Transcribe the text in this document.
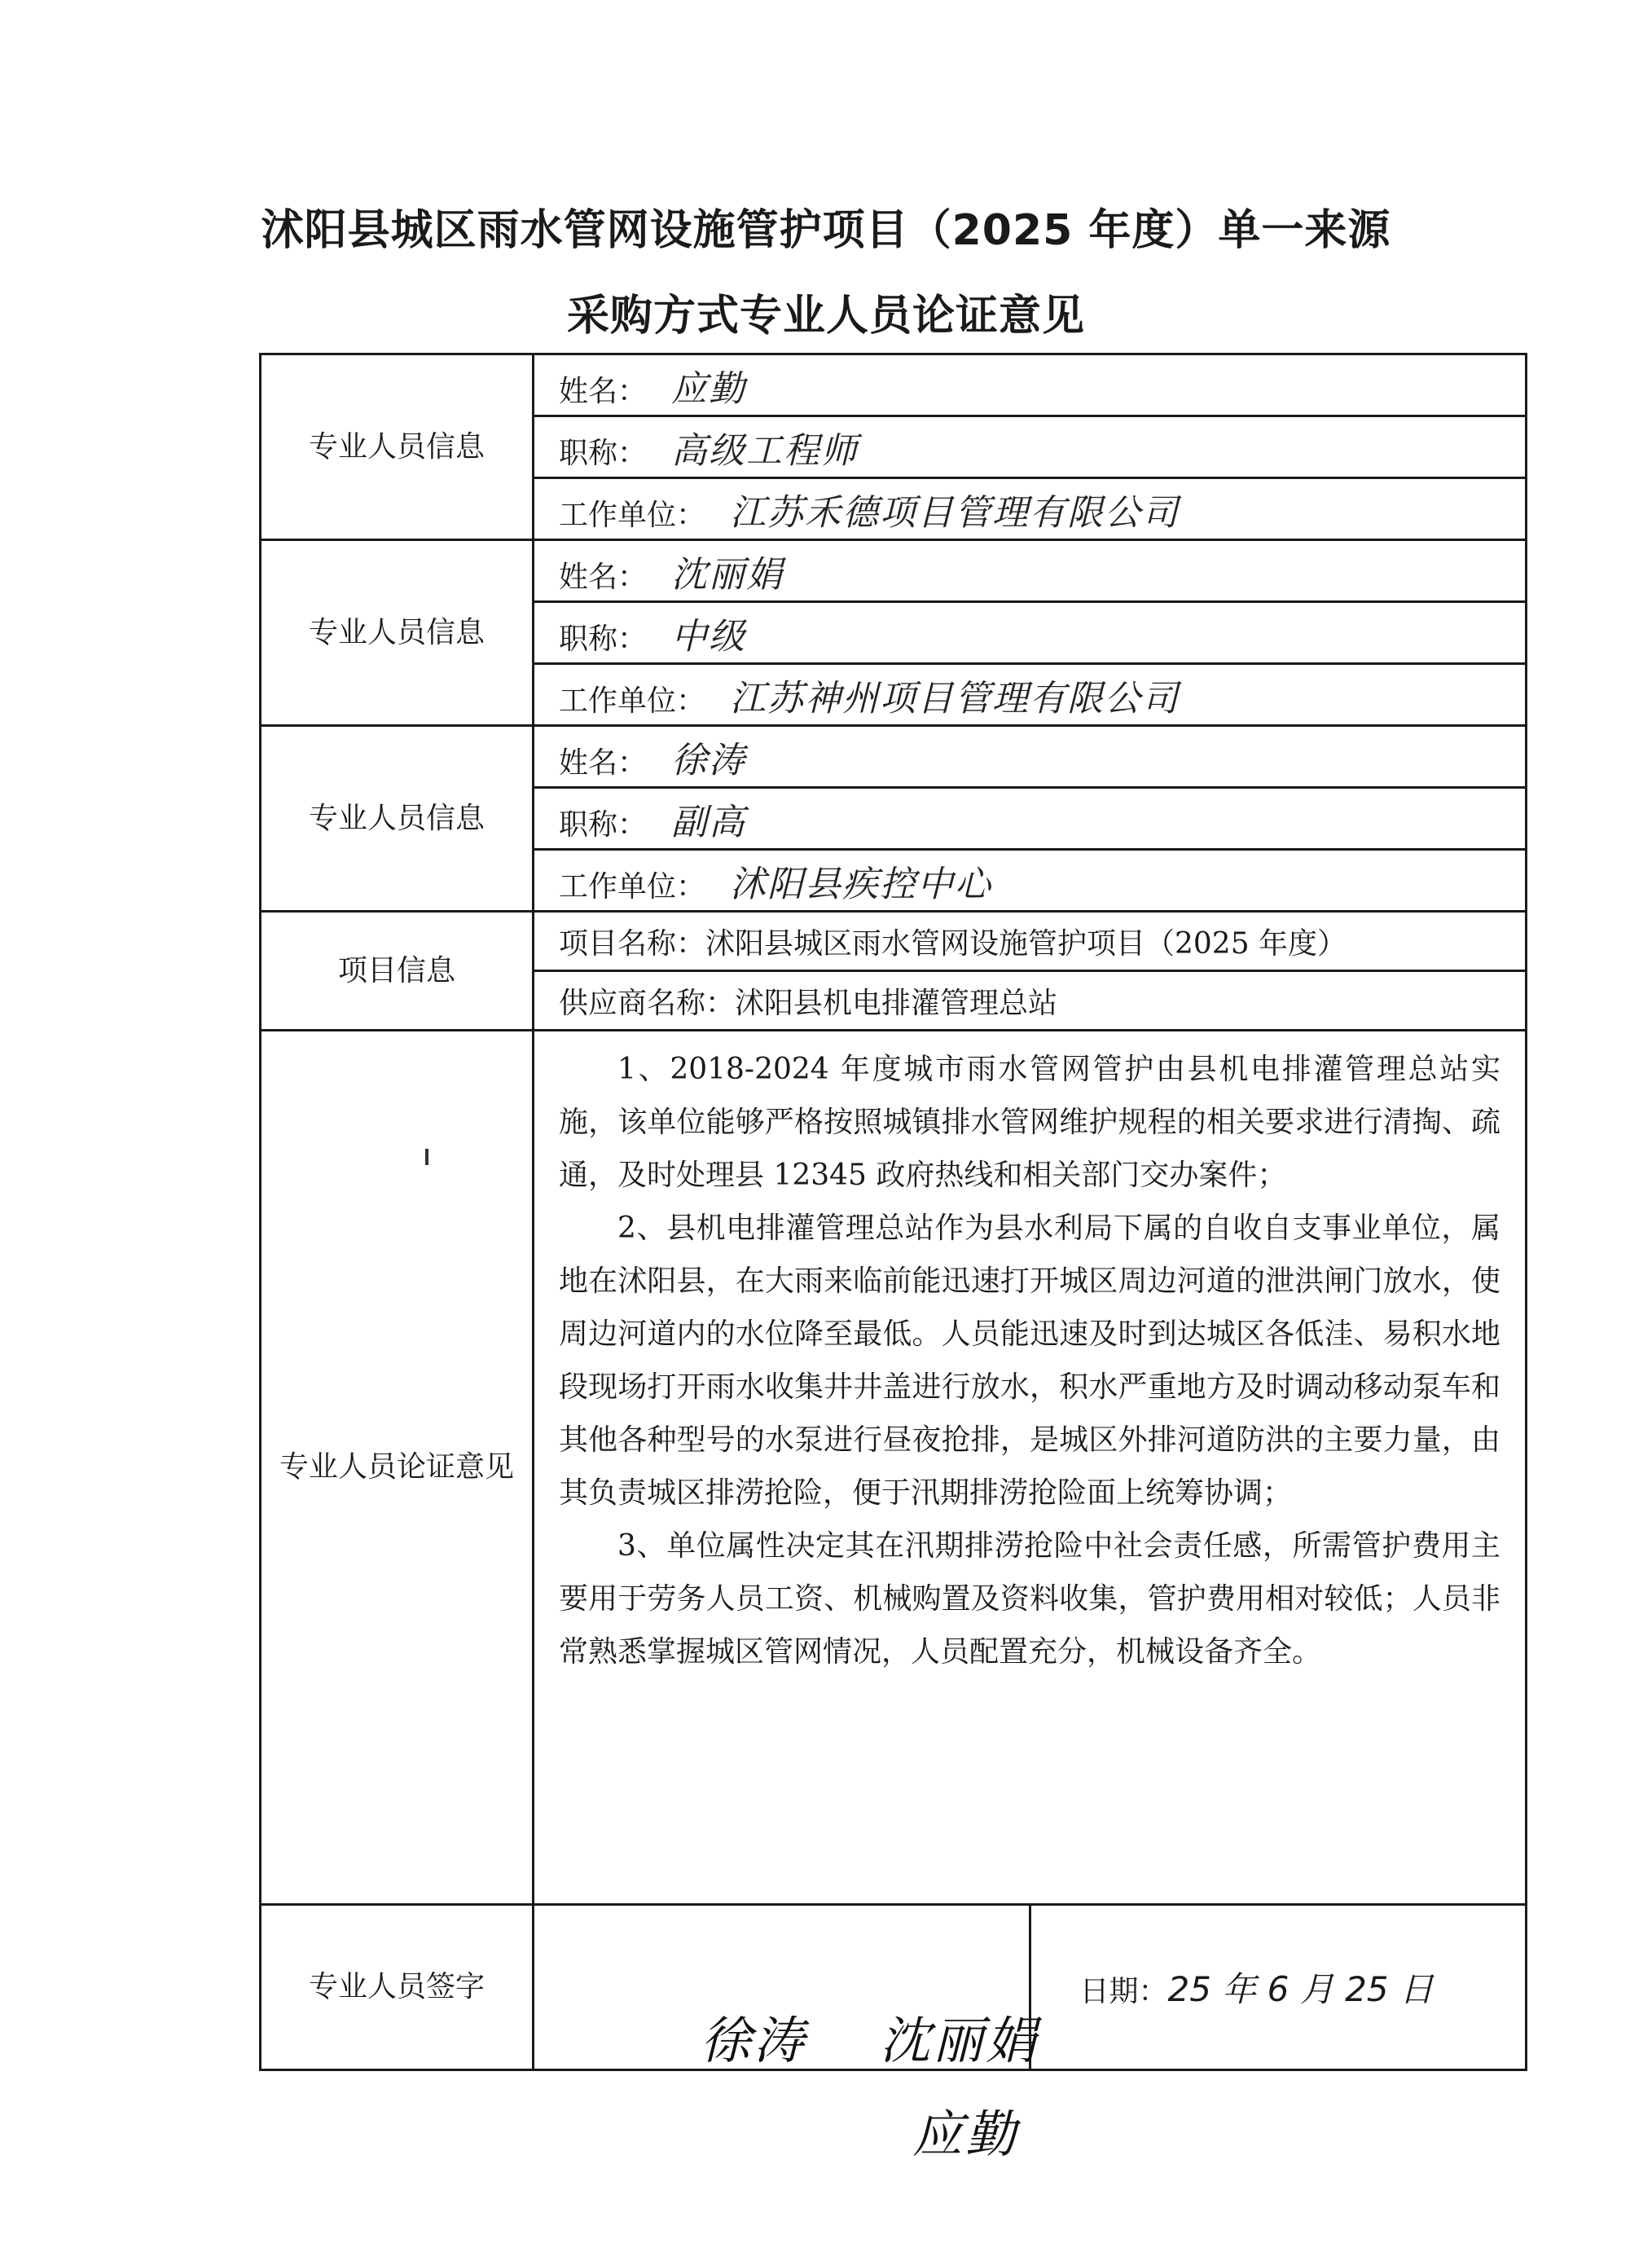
沭阳县城区雨水管网设施管护项目（2025 年度）单一来源
采购方式专业人员论证意见
专业人员信息	姓名： 应勤	
	职称： 高级工程师	
	工作单位： 江苏禾德项目管理有限公司	
专业人员信息	姓名： 沈丽娟	
	职称： 中级	
	工作单位： 江苏神州项目管理有限公司	
专业人员信息	姓名： 徐涛	
	职称： 副高	
	工作单位： 沭阳县疾控中心	
项目信息	项目名称：沭阳县城区雨水管网设施管护项目（2025 年度）	
	供应商名称：沭阳县机电排灌管理总站	
专业人员论证意见	1、2018-2024 年度城市雨水管网管护由县机电排灌管理总站实施，该单位能够严格按照城镇排水管网维护规程的相关要求进行清掏、疏通，及时处理县 12345 政府热线和相关部门交办案件；

2、县机电排灌管理总站作为县水利局下属的自收自支事业单位，属地在沭阳县，在大雨来临前能迅速打开城区周边河道的泄洪闸门放水，使周边河道内的水位降至最低。人员能迅速及时到达城区各低洼、易积水地段现场打开雨水收集井井盖进行放水，积水严重地方及时调动移动泵车和其他各种型号的水泵进行昼夜抢排，是城区外排河道防洪的主要力量，由其负责城区排涝抢险，便于汛期排涝抢险面上统筹协调；

3、单位属性决定其在汛期排涝抢险中社会责任感，所需管护费用主要用于劳务人员工资、机械购置及资料收集，管护费用相对较低；人员非常熟悉掌握城区管网情况，人员配置充分，机械设备齐全。	

专业人员签字		日期：25 年 6 月 25 日

徐涛 沈丽娟

应勤
